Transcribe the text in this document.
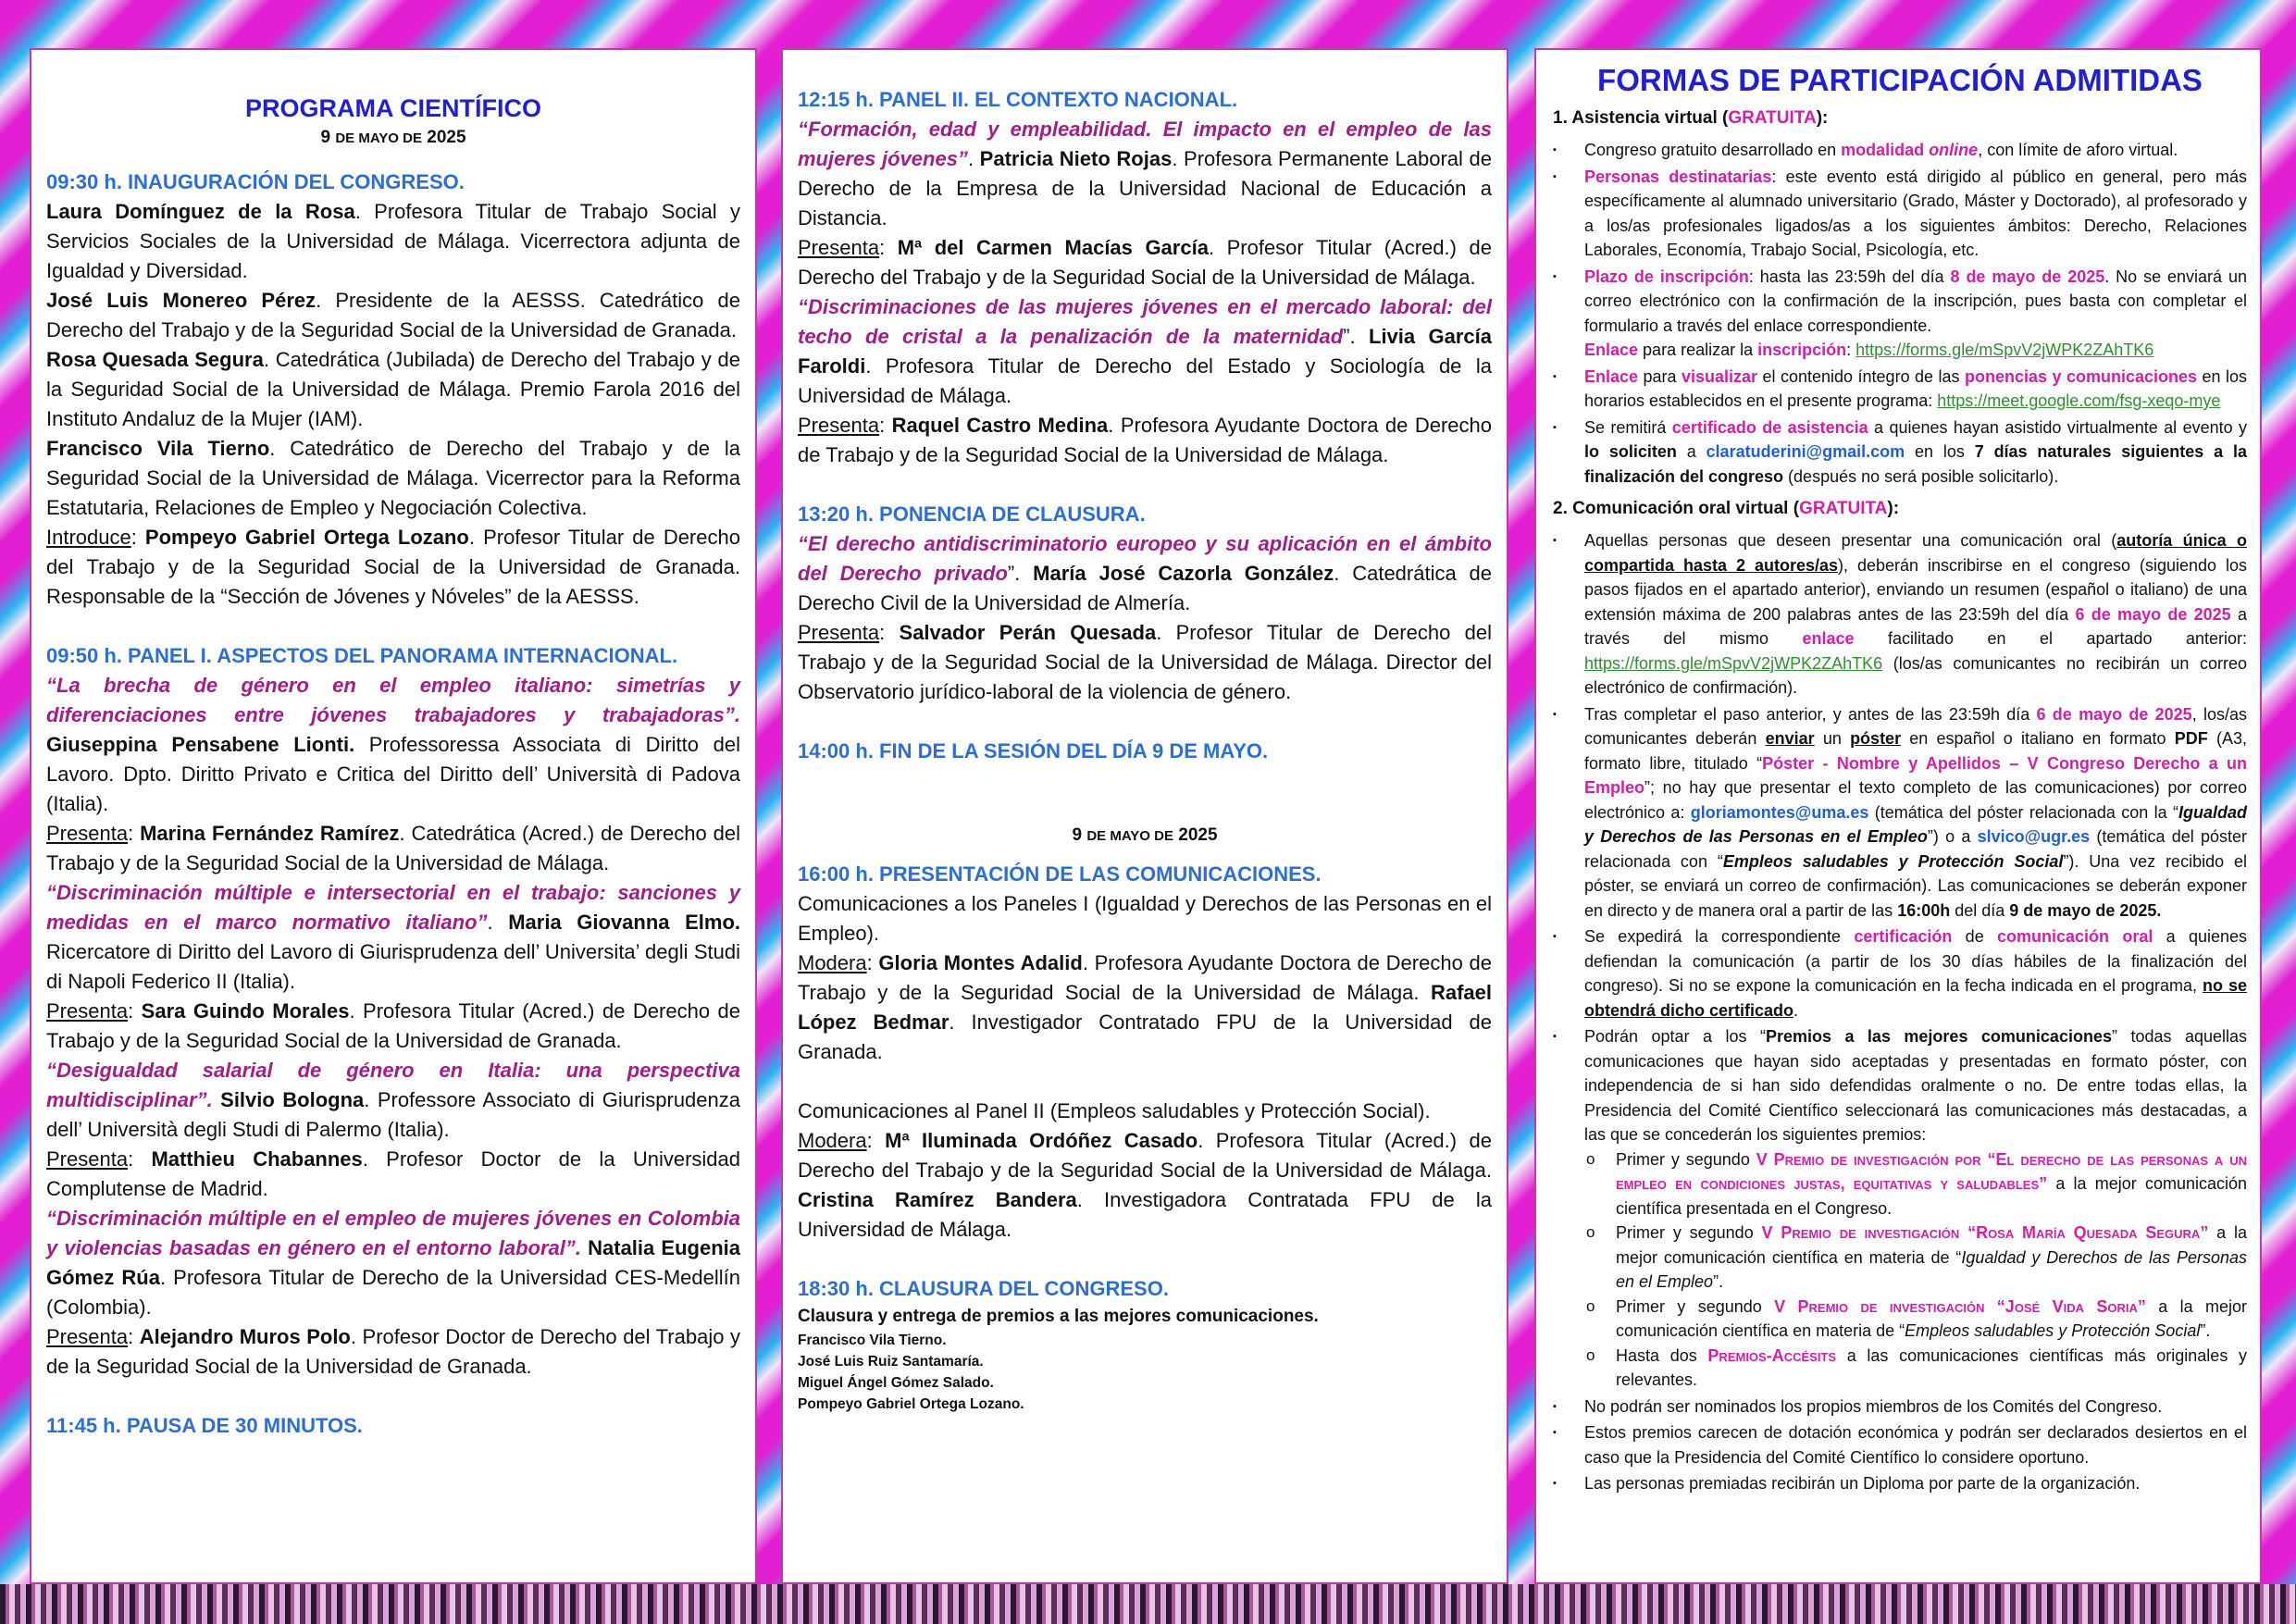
PROGRAMA CIENTÍFICO

9 DE MAYO DE 2025

09:30 h. INAUGURACIÓN DEL CONGRESO.

Laura Domínguez de la Rosa. Profesora Titular de Trabajo Social y Servicios Sociales de la Universidad de Málaga. Vicerrectora adjunta de Igualdad y Diversidad.

José Luis Monereo Pérez. Presidente de la AESSS. Catedrático de Derecho del Trabajo y de la Seguridad Social de la Universidad de Granada.

Rosa Quesada Segura. Catedrática (Jubilada) de Derecho del Trabajo y de la Seguridad Social de la Universidad de Málaga. Premio Farola 2016 del Instituto Andaluz de la Mujer (IAM).

Francisco Vila Tierno. Catedrático de Derecho del Trabajo y de la Seguridad Social de la Universidad de Málaga. Vicerrector para la Reforma Estatutaria, Relaciones de Empleo y Negociación Colectiva.

Introduce: Pompeyo Gabriel Ortega Lozano. Profesor Titular de Derecho del Trabajo y de la Seguridad Social de la Universidad de Granada. Responsable de la “Sección de Jóvenes y Nóveles” de la AESSS.

09:50 h. PANEL I. ASPECTOS DEL PANORAMA INTERNACIONAL.

“La brecha de género en el empleo italiano: simetrías y diferenciaciones entre jóvenes trabajadores y trabajadoras”. Giuseppina Pensabene Lionti. Professoressa Associata di Diritto del Lavoro. Dpto. Diritto Privato e Critica del Diritto dell’ Università di Padova (Italia).

Presenta: Marina Fernández Ramírez. Catedrática (Acred.) de Derecho del Trabajo y de la Seguridad Social de la Universidad de Málaga.

“Discriminación múltiple e intersectorial en el trabajo: sanciones y medidas en el marco normativo italiano”. Maria Giovanna Elmo. Ricercatore di Diritto del Lavoro di Giurisprudenza dell’ Universita’ degli Studi di Napoli Federico II (Italia).

Presenta: Sara Guindo Morales. Profesora Titular (Acred.) de Derecho de Trabajo y de la Seguridad Social de la Universidad de Granada.

“Desigualdad salarial de género en Italia: una perspectiva multidisciplinar”. Silvio Bologna. Professore Associato di Giurisprudenza dell’ Università degli Studi di Palermo (Italia).

Presenta: Matthieu Chabannes. Profesor Doctor de la Universidad Complutense de Madrid.

“Discriminación múltiple en el empleo de mujeres jóvenes en Colombia y violencias basadas en género en el entorno laboral”. Natalia Eugenia Gómez Rúa. Profesora Titular de Derecho de la Universidad CES-Medellín (Colombia).

Presenta: Alejandro Muros Polo. Profesor Doctor de Derecho del Trabajo y de la Seguridad Social de la Universidad de Granada.

11:45 h. PAUSA DE 30 MINUTOS.

12:15 h. PANEL II. EL CONTEXTO NACIONAL.

“Formación, edad y empleabilidad. El impacto en el empleo de las mujeres jóvenes”. Patricia Nieto Rojas. Profesora Permanente Laboral de Derecho de la Empresa de la Universidad Nacional de Educación a Distancia.

Presenta: Mª del Carmen Macías García. Profesor Titular (Acred.) de Derecho del Trabajo y de la Seguridad Social de la Universidad de Málaga.

“Discriminaciones de las mujeres jóvenes en el mercado laboral: del techo de cristal a la penalización de la maternidad”. Livia García Faroldi. Profesora Titular de Derecho del Estado y Sociología de la Universidad de Málaga.

Presenta: Raquel Castro Medina. Profesora Ayudante Doctora de Derecho de Trabajo y de la Seguridad Social de la Universidad de Málaga.

13:20 h. PONENCIA DE CLAUSURA.

“El derecho antidiscriminatorio europeo y su aplicación en el ámbito del Derecho privado”. María José Cazorla González. Catedrática de Derecho Civil de la Universidad de Almería.

Presenta: Salvador Perán Quesada. Profesor Titular de Derecho del Trabajo y de la Seguridad Social de la Universidad de Málaga. Director del Observatorio jurídico-laboral de la violencia de género.

14:00 h. FIN DE LA SESIÓN DEL DÍA 9 DE MAYO.

9 DE MAYO DE 2025

16:00 h. PRESENTACIÓN DE LAS COMUNICACIONES.

Comunicaciones a los Paneles I (Igualdad y Derechos de las Personas en el Empleo).

Modera: Gloria Montes Adalid. Profesora Ayudante Doctora de Derecho de Trabajo y de la Seguridad Social de la Universidad de Málaga. Rafael López Bedmar. Investigador Contratado FPU de la Universidad de Granada.

Comunicaciones al Panel II (Empleos saludables y Protección Social).

Modera: Mª Iluminada Ordóñez Casado. Profesora Titular (Acred.) de Derecho del Trabajo y de la Seguridad Social de la Universidad de Málaga. Cristina Ramírez Bandera. Investigadora Contratada FPU de la Universidad de Málaga.

18:30 h. CLAUSURA DEL CONGRESO.

Clausura y entrega de premios a las mejores comunicaciones.

Francisco Vila Tierno.

José Luis Ruiz Santamaría.

Miguel Ángel Gómez Salado.

Pompeyo Gabriel Ortega Lozano.

FORMAS DE PARTICIPACIÓN ADMITIDAS

1. Asistencia virtual (GRATUITA):

▪ Congreso gratuito desarrollado en modalidad online, con límite de aforo virtual.
▪ Personas destinatarias: este evento está dirigido al público en general, pero más específicamente al alumnado universitario (Grado, Máster y Doctorado), al profesorado y a los/as profesionales ligados/as a los siguientes ámbitos: Derecho, Relaciones Laborales, Economía, Trabajo Social, Psicología, etc.
▪ Plazo de inscripción: hasta las 23:59h del día 8 de mayo de 2025. No se enviará un correo electrónico con la confirmación de la inscripción, pues basta con completar el formulario a través del enlace correspondiente.
Enlace para realizar la inscripción: https://forms.gle/mSpvV2jWPK2ZAhTK6
▪ Enlace para visualizar el contenido íntegro de las ponencias y comunicaciones en los horarios establecidos en el presente programa: https://meet.google.com/fsg-xeqo-mye
▪ Se remitirá certificado de asistencia a quienes hayan asistido virtualmente al evento y lo soliciten a claratuderini@gmail.com en los 7 días naturales siguientes a la finalización del congreso (después no será posible solicitarlo).

2. Comunicación oral virtual (GRATUITA):

▪ Aquellas personas que deseen presentar una comunicación oral (autoría única o compartida hasta 2 autores/as), deberán inscribirse en el congreso (siguiendo los pasos fijados en el apartado anterior), enviando un resumen (español o italiano) de una extensión máxima de 200 palabras antes de las 23:59h del día 6 de mayo de 2025 a través del mismo enlace facilitado en el apartado anterior: https://forms.gle/mSpvV2jWPK2ZAhTK6 (los/as comunicantes no recibirán un correo electrónico de confirmación).
▪ Tras completar el paso anterior, y antes de las 23:59h día 6 de mayo de 2025, los/as comunicantes deberán enviar un póster en español o italiano en formato PDF (A3, formato libre, titulado “Póster - Nombre y Apellidos – V Congreso Derecho a un Empleo”; no hay que presentar el texto completo de las comunicaciones) por correo electrónico a: gloriamontes@uma.es (temática del póster relacionada con la “Igualdad y Derechos de las Personas en el Empleo”) o a slvico@ugr.es (temática del póster relacionada con “Empleos saludables y Protección Social”). Una vez recibido el póster, se enviará un correo de confirmación). Las comunicaciones se deberán exponer en directo y de manera oral a partir de las 16:00h del día 9 de mayo de 2025.
▪ Se expedirá la correspondiente certificación de comunicación oral a quienes defiendan la comunicación (a partir de los 30 días hábiles de la finalización del congreso). Si no se expone la comunicación en la fecha indicada en el programa, no se obtendrá dicho certificado.
▪ Podrán optar a los “Premios a las mejores comunicaciones” todas aquellas comunicaciones que hayan sido aceptadas y presentadas en formato póster, con independencia de si han sido defendidas oralmente o no. De entre todas ellas, la Presidencia del Comité Científico seleccionará las comunicaciones más destacadas, a las que se concederán los siguientes premios:
o Primer y segundo V Premio de investigación por “El derecho de las personas a un empleo en condiciones justas, equitativas y saludables” a la mejor comunicación científica presentada en el Congreso.
o Primer y segundo V Premio de investigación “Rosa María Quesada Segura” a la mejor comunicación científica en materia de “Igualdad y Derechos de las Personas en el Empleo”.
o Primer y segundo V Premio de investigación “José Vida Soria” a la mejor comunicación científica en materia de “Empleos saludables y Protección Social”.
o Hasta dos Premios-Accésits a las comunicaciones científicas más originales y relevantes.
▪ No podrán ser nominados los propios miembros de los Comités del Congreso.
▪ Estos premios carecen de dotación económica y podrán ser declarados desiertos en el caso que la Presidencia del Comité Científico lo considere oportuno.
▪ Las personas premiadas recibirán un Diploma por parte de la organización.
